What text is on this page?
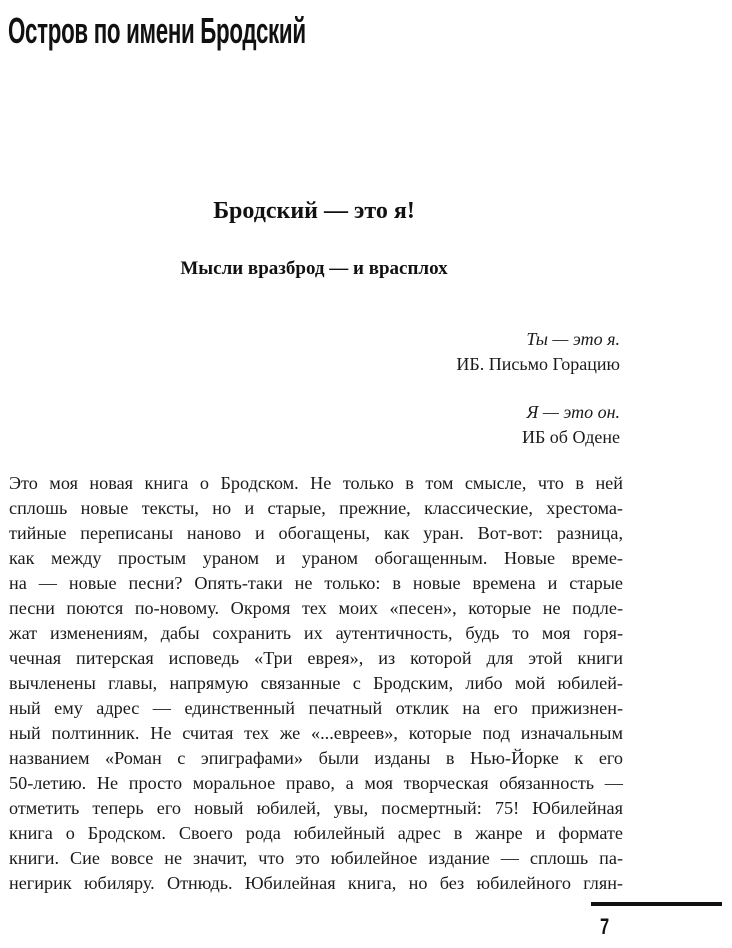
Остров по имени Бродский
Бродский — это я!
Мысли вразброд — и врасплох
Ты — это я.
ИБ. Письмо Горацию
Я — это он.
ИБ об Одене
Это моя новая книга о Бродском. Не только в том смысле, что в ней
сплошь новые тексты, но и старые, прежние, классические, хрестома-
тийные переписаны наново и обогащены, как уран. Вот-вот: разница,
как между простым ураном и ураном обогащенным. Новые време-
на — новые песни? Опять-таки не только: в новые времена и старые
песни поются по-новому. Окромя тех моих «песен», которые не подле-
жат изменениям, дабы сохранить их аутентичность, будь то моя горя-
чечная питерская исповедь «Три еврея», из которой для этой книги
вычленены главы, напрямую связанные с Бродским, либо мой юбилей-
ный ему адрес — единственный печатный отклик на его прижизнен-
ный полтинник. Не считая тех же «...евреев», которые под изначальным
названием «Роман с эпиграфами» были изданы в Нью-Йорке к его
50-летию. Не просто моральное право, а моя творческая обязанность —
отметить теперь его новый юбилей, увы, посмертный: 75! Юбилейная
книга о Бродском. Своего рода юбилейный адрес в жанре и формате
книги. Сие вовсе не значит, что это юбилейное издание — сплошь па-
негирик юбиляру. Отнюдь. Юбилейная книга, но без юбилейного глян-
7
